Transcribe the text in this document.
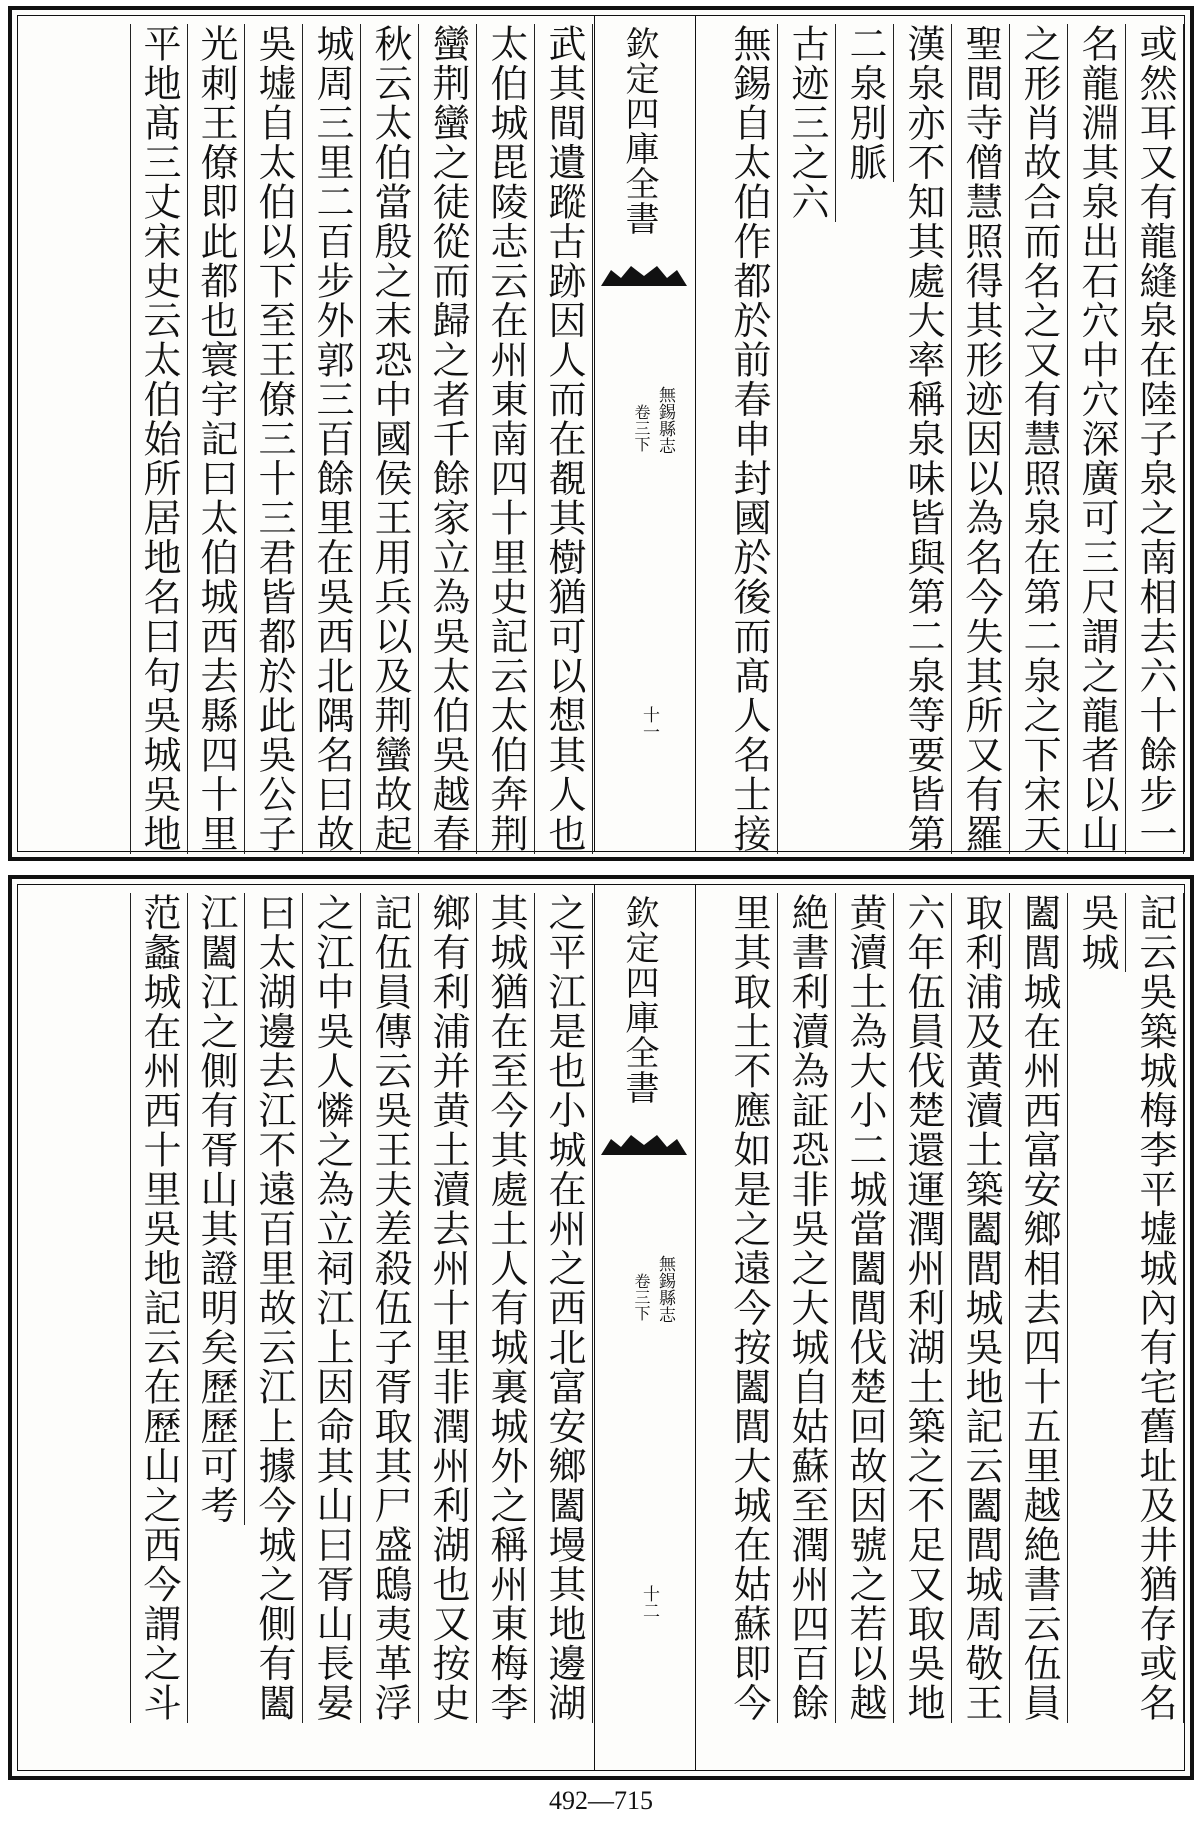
或然耳又有龍縫泉在陸子泉之南相去六十餘步一
名龍淵其泉出石穴中穴深廣可三尺謂之龍者以山
之形肖故合而名之又有慧照泉在第二泉之下宋天
聖間寺僧慧照得其形迹因以為名今失其所又有羅
漢泉亦不知其處大率稱泉味皆與第二泉等要皆第
二泉別脈
古迹三之六
無錫自太伯作都於前春申封國於後而髙人名士接
欽定四庫全書
無錫縣志
卷三下
十一
武其間遺蹤古跡因人而在覩其樹猶可以想其人也
太伯城毘陵志云在州東南四十里史記云太伯奔荆
蠻荆蠻之徒從而歸之者千餘家立為吳太伯吳越春
秋云太伯當殷之末恐中國侯王用兵以及荆蠻故起
城周三里二百步外郭三百餘里在吳西北隅名曰故
吳墟自太伯以下至王僚三十三君皆都於此吳公子
光刺王僚即此都也寰宇記曰太伯城西去縣四十里
平地髙三丈宋史云太伯始所居地名曰句吳城吳地
記云吳築城梅李平墟城內有宅舊址及井猶存或名
吳城
闔閭城在州西富安鄉相去四十五里越絶書云伍員
取利浦及黄瀆土築闔閭城吳地記云闔閭城周敬王
六年伍員伐楚還運潤州利湖土築之不足又取吳地
黄瀆土為大小二城當闔閭伐楚回故因號之若以越
絶書利瀆為証恐非吳之大城自姑蘇至潤州四百餘
里其取土不應如是之遠今按闔閭大城在姑蘇即今
欽定四庫全書
無錫縣志
卷三下
十二
之平江是也小城在州之西北富安鄉闔墁其地邊湖
其城猶在至今其處土人有城裏城外之稱州東梅李
鄉有利浦并黄土瀆去州十里非潤州利湖也又按史
記伍員傳云吳王夫差殺伍子胥取其尸盛鴟夷革浮
之江中吳人憐之為立祠江上因命其山曰胥山長晏
曰太湖邊去江不遠百里故云江上據今城之側有闔
江闔江之側有胥山其證明矣歷歷可考
范蠡城在州西十里吳地記云在歷山之西今謂之斗
492—715
